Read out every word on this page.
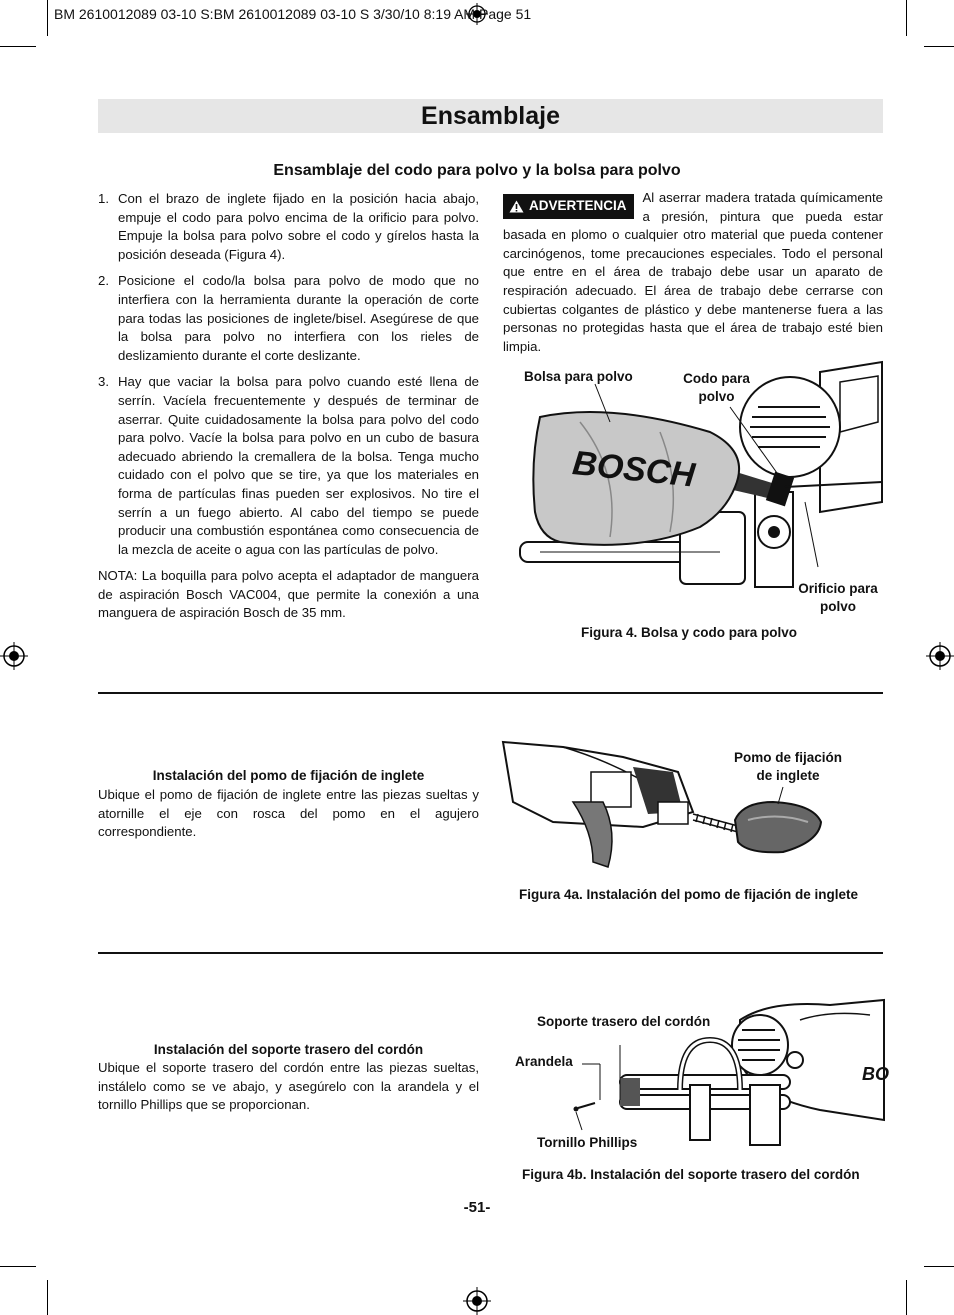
BM 2610012089 03-10 S:BM 2610012089 03-10 S 3/30/10 8:19 AM Page 51
Ensamblaje
Ensamblaje del codo para polvo y la bolsa para polvo
1. Con el brazo de inglete fijado en la posición hacia abajo, empuje el codo para polvo encima de la orificio para polvo. Empuje la bolsa para polvo sobre el codo y gírelos hasta la posición deseada (Figura 4).
2. Posicione el codo/la bolsa para polvo de modo que no interfiera con la herramienta durante la operación de corte para todas las posiciones de inglete/bisel. Asegúrese de que la bolsa para polvo no interfiera con los rieles de deslizamiento durante el corte deslizante.
3. Hay que vaciar la bolsa para polvo cuando esté llena de serrín. Vacíela frecuentemente y después de terminar de aserrar. Quite cuidadosamente la bolsa para polvo del codo para polvo. Vacíe la bolsa para polvo en un cubo de basura adecuado abriendo la cremallera de la bolsa. Tenga mucho cuidado con el polvo que se tire, ya que los materiales en forma de partículas finas pueden ser explosivos. No tire el serrín a un fuego abierto. Al cabo del tiempo se puede producir una combustión espontánea como consecuencia de la mezcla de aceite o agua con las partículas de polvo.
NOTA: La boquilla para polvo acepta el adaptador de manguera de aspiración Bosch VAC004, que permite la conexión a una manguera de aspiración Bosch de 35 mm.
ADVERTENCIA
Al aserrar madera tratada químicamente a presión, pintura que pueda estar basada en plomo o cualquier otro material que pueda contener carcinógenos, tome precauciones especiales. Todo el personal que entre en el área de trabajo debe usar un aparato de respiración adecuado. El área de trabajo debe cerrarse con cubiertas colgantes de plástico y debe mantenerse fuera a las personas no protegidas hasta que el área de trabajo esté bien limpia.
BOSCH
Bolsa para polvo	Codo para polvo
Orificio para polvo
Figura 4. Bolsa y codo para polvo
Instalación del pomo de fijación de inglete
Ubique el pomo de fijación de inglete entre las piezas sueltas y atornille el eje con rosca del pomo en el agujero correspondiente.
Pomo de fijación de inglete
Figura 4a. Instalación del pomo de fijación de inglete
Instalación del soporte trasero del cordón
Ubique el soporte trasero del cordón entre las piezas sueltas, instálelo como se ve abajo, y asegúrelo con la arandela y el tornillo Phillips que se proporcionan.
BO
Soporte trasero del cordón
Arandela
Tornillo Phillips
Figura 4b. Instalación del soporte trasero del cordón
-51-
